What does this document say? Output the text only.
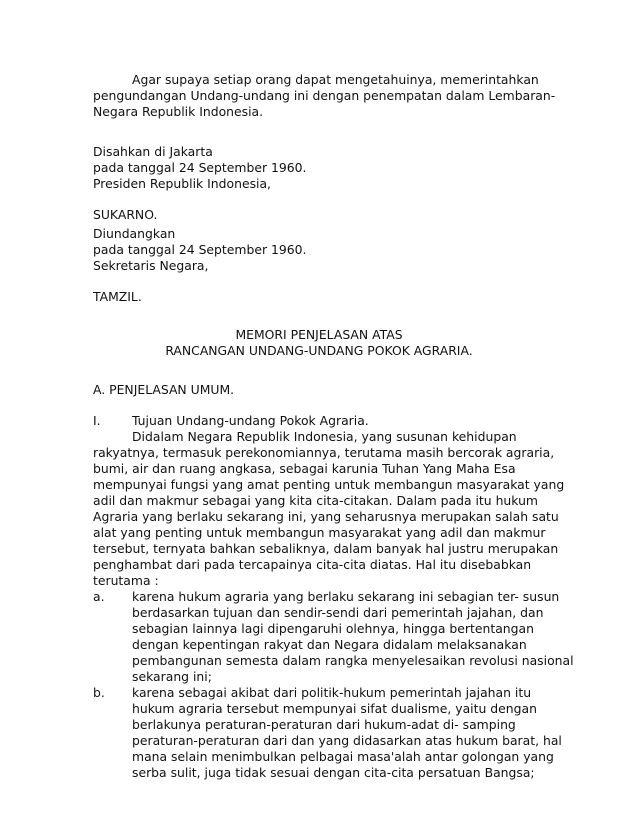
Agar supaya setiap orang dapat mengetahuinya, memerintahkan
pengundangan Undang-undang ini dengan penempatan dalam Lembaran-
Negara Republik Indonesia.
Disahkan di Jakarta
pada tanggal 24 September 1960.
Presiden Republik Indonesia,
SUKARNO.
Diundangkan
pada tanggal 24 September 1960.
Sekretaris Negara,
TAMZIL.
MEMORI PENJELASAN ATAS
RANCANGAN UNDANG-UNDANG POKOK AGRARIA.
A. PENJELASAN UMUM.
I.	Tujuan Undang-undang Pokok Agraria.
Didalam Negara Republik Indonesia, yang susunan kehidupan
rakyatnya, termasuk perekonomiannya, terutama masih bercorak agraria,
bumi, air dan ruang angkasa, sebagai karunia Tuhan Yang Maha Esa
mempunyai fungsi yang amat penting untuk membangun masyarakat yang
adil dan makmur sebagai yang kita cita-citakan. Dalam pada itu hukum
Agraria yang berlaku sekarang ini, yang seharusnya merupakan salah satu
alat yang penting untuk membangun masyarakat yang adil dan makmur
tersebut, ternyata bahkan sebaliknya, dalam banyak hal justru merupakan
penghambat dari pada tercapainya cita-cita diatas. Hal itu disebabkan
terutama :
a. karena hukum agraria yang berlaku sekarang ini sebagian ter- susun
berdasarkan tujuan dan sendir-sendi dari pemerintah jajahan, dan
sebagian lainnya lagi dipengaruhi olehnya, hingga bertentangan
dengan kepentingan rakyat dan Negara didalam melaksanakan
pembangunan semesta dalam rangka menyelesaikan revolusi nasional
sekarang ini;
b. karena sebagai akibat dari politik-hukum pemerintah jajahan itu
hukum agraria tersebut mempunyai sifat dualisme, yaitu dengan
berlakunya peraturan-peraturan dari hukum-adat di- samping
peraturan-peraturan dari dan yang didasarkan atas hukum barat, hal
mana selain menimbulkan pelbagai masa'alah antar golongan yang
serba sulit, juga tidak sesuai dengan cita-cita persatuan Bangsa;
